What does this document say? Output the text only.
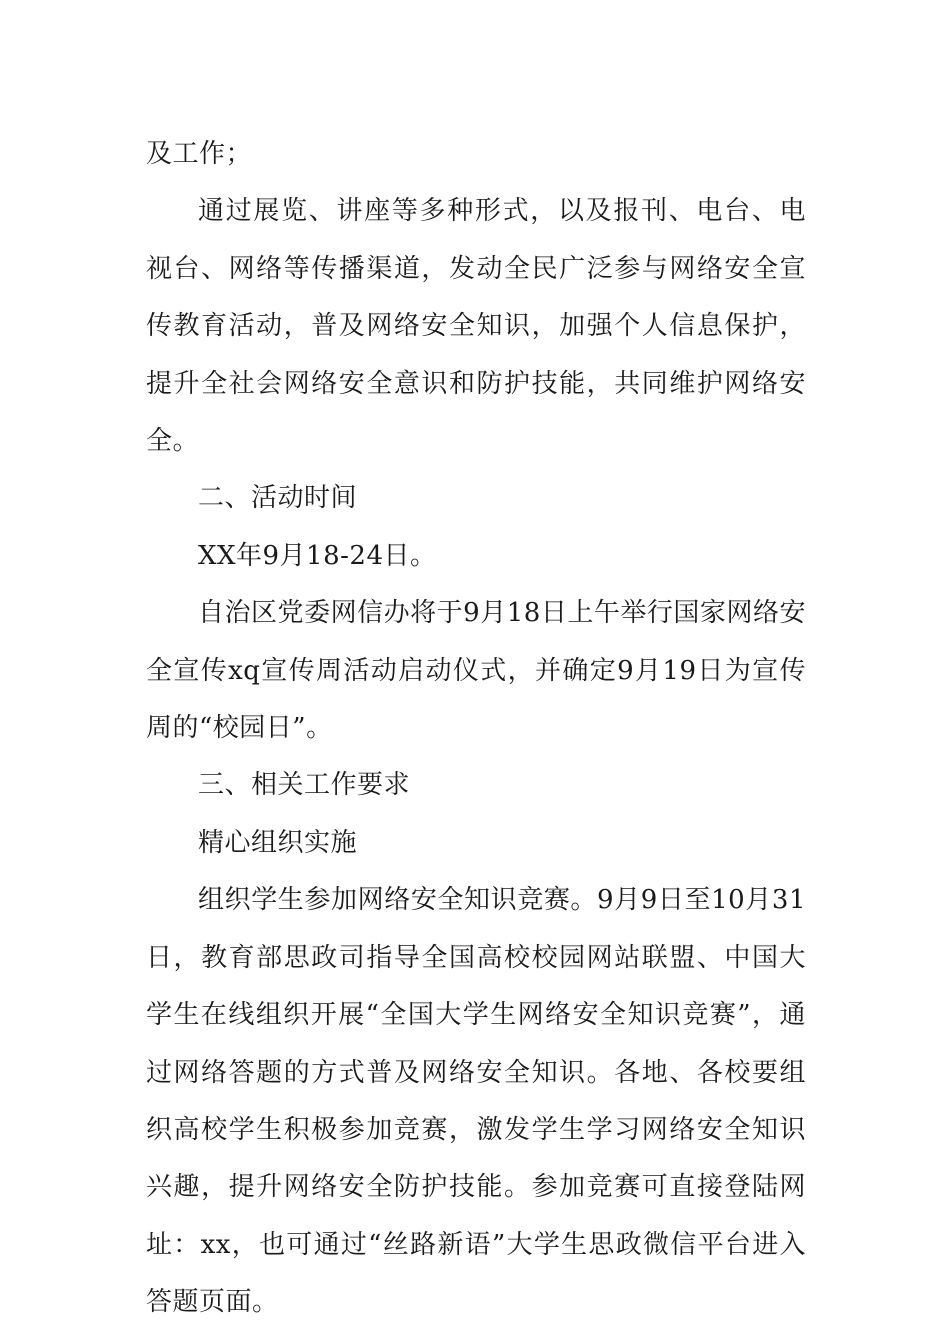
及工作；

通过展览、讲座等多种形式，以及报刊、电台、电视台、网络等传播渠道，发动全民广泛参与网络安全宣传教育活动，普及网络安全知识，加强个人信息保护，提升全社会网络安全意识和防护技能，共同维护网络安全。

二、活动时间

XX年9月18-24日。

自治区党委网信办将于9月18日上午举行国家网络安全宣传xq宣传周活动启动仪式，并确定9月19日为宣传周的“校园日”。

三、相关工作要求

精心组织实施

组织学生参加网络安全知识竞赛。9月9日至10月31日，教育部思政司指导全国高校校园网站联盟、中国大学生在线组织开展“全国大学生网络安全知识竞赛”，通过网络答题的方式普及网络安全知识。各地、各校要组织高校学生积极参加竞赛，激发学生学习网络安全知识兴趣，提升网络安全防护技能。参加竞赛可直接登陆网址：xx，也可通过“丝路新语”大学生思政微信平台进入答题页面。
